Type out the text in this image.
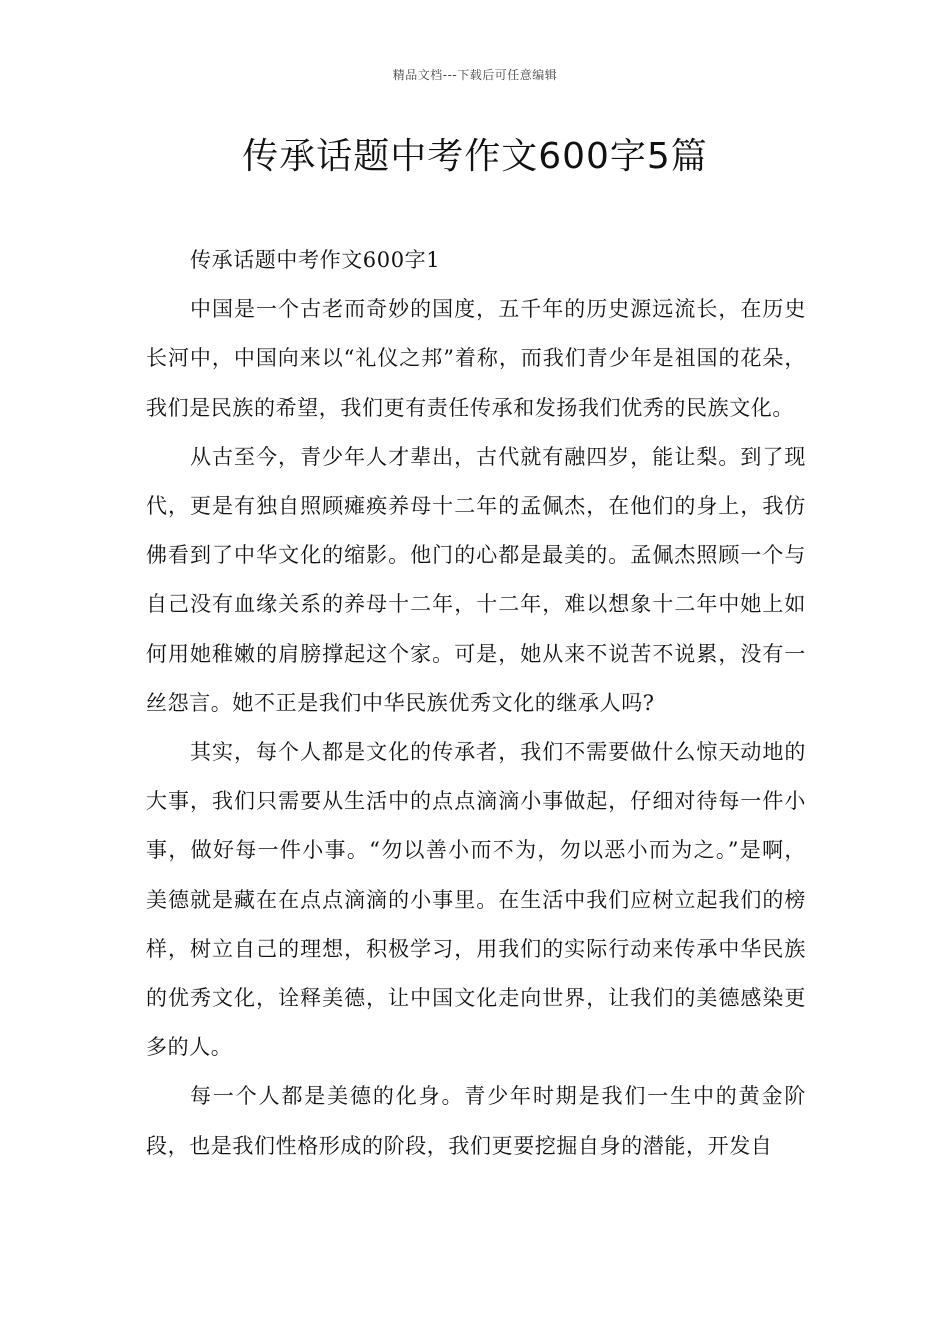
精品文档---下载后可任意编辑
传承话题中考作文600字5篇

传承话题中考作文600字1

中国是一个古老而奇妙的国度，五千年的历史源远流长，在历史长河中，中国向来以“礼仪之邦”着称，而我们青少年是祖国的花朵，我们是民族的希望，我们更有责任传承和发扬我们优秀的民族文化。

从古至今，青少年人才辈出，古代就有融四岁，能让梨。到了现代，更是有独自照顾瘫痪养母十二年的孟佩杰，在他们的身上，我仿佛看到了中华文化的缩影。他门的心都是最美的。孟佩杰照顾一个与自己没有血缘关系的养母十二年，十二年，难以想象十二年中她上如何用她稚嫩的肩膀撑起这个家。可是，她从来不说苦不说累，没有一丝怨言。她不正是我们中华民族优秀文化的继承人吗?

其实，每个人都是文化的传承者，我们不需要做什么惊天动地的大事，我们只需要从生活中的点点滴滴小事做起，仔细对待每一件小事，做好每一件小事。“勿以善小而不为，勿以恶小而为之。”是啊，美德就是藏在在点点滴滴的小事里。在生活中我们应树立起我们的榜样，树立自己的理想，积极学习，用我们的实际行动来传承中华民族的优秀文化，诠释美德，让中国文化走向世界，让我们的美德感染更多的人。

每一个人都是美德的化身。青少年时期是我们一生中的黄金阶段，也是我们性格形成的阶段，我们更要挖掘自身的潜能，开发自
